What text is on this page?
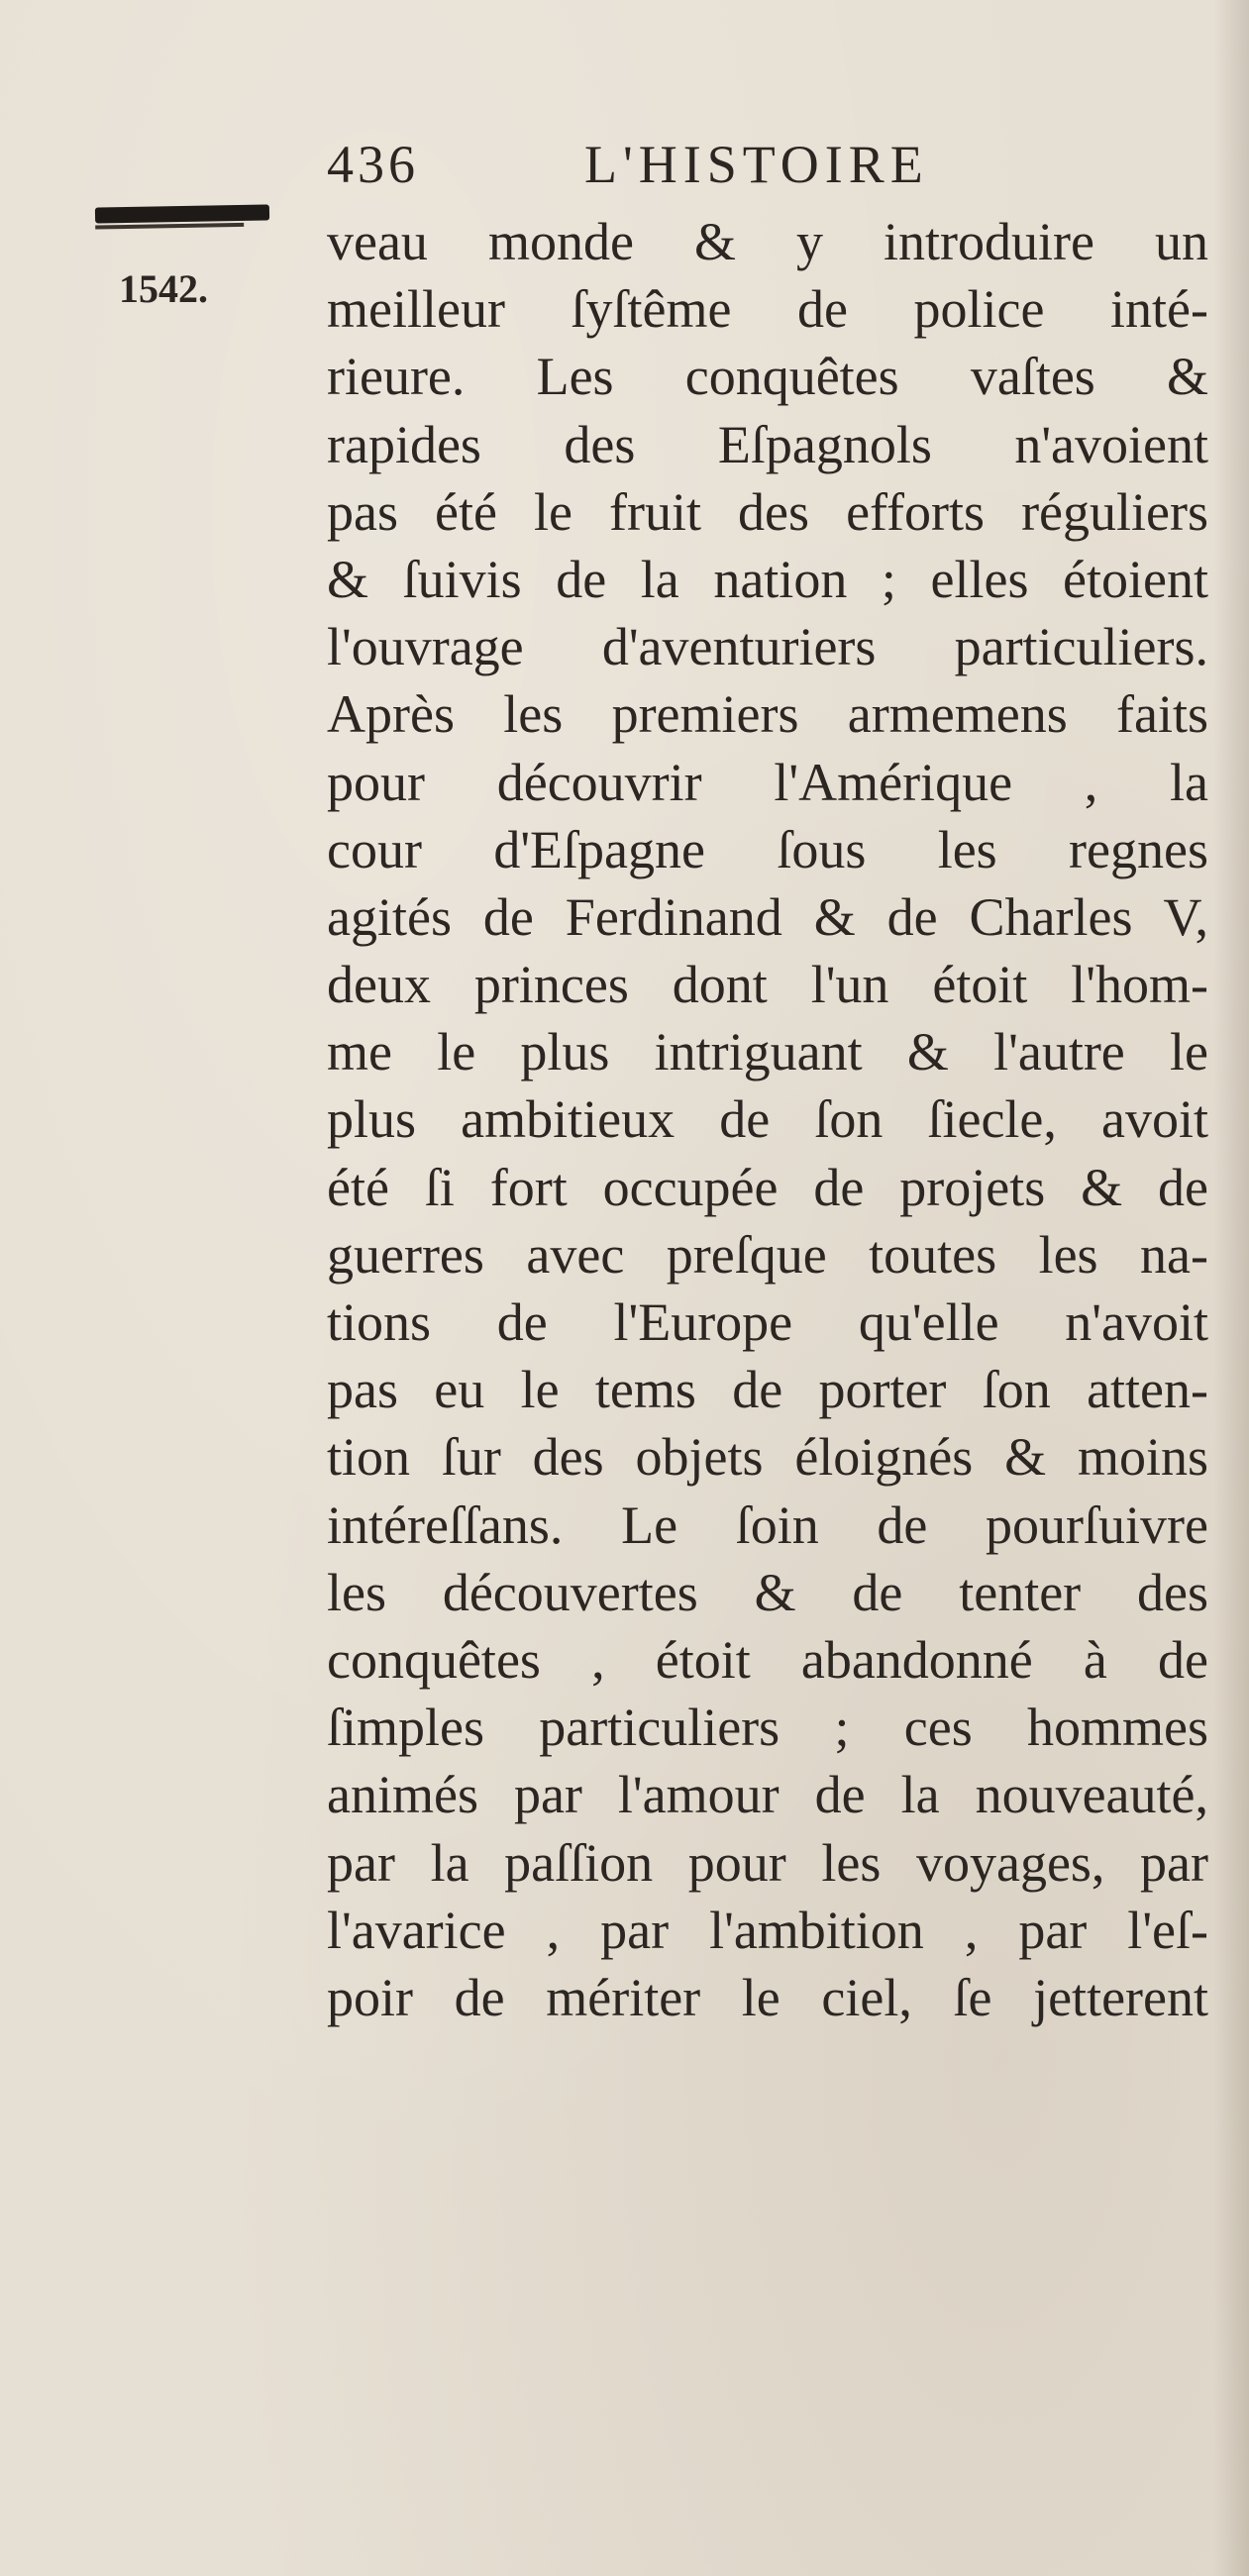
436	L'HISTOIRE
1542.
veau monde & y introduire un
meilleur ſyſtême de police inté-
rieure. Les conquêtes vaſtes &
rapides des Eſpagnols n'avoient
pas été le fruit des efforts réguliers
& ſuivis de la nation ; elles étoient
l'ouvrage d'aventuriers particuliers.
Après les premiers armemens faits
pour découvrir l'Amérique , la
cour d'Eſpagne ſous les regnes
agités de Ferdinand & de Charles V,
deux princes dont l'un étoit l'hom-
me le plus intriguant & l'autre le
plus ambitieux de ſon ſiecle, avoit
été ſi fort occupée de projets & de
guerres avec preſque toutes les na-
tions de l'Europe qu'elle n'avoit
pas eu le tems de porter ſon atten-
tion ſur des objets éloignés & moins
intéreſſans. Le ſoin de pourſuivre
les découvertes & de tenter des
conquêtes , étoit abandonné à de
ſimples particuliers ; ces hommes
animés par l'amour de la nouveauté,
par la paſſion pour les voyages, par
l'avarice , par l'ambition , par l'eſ-
poir de mériter le ciel, ſe jetterent
